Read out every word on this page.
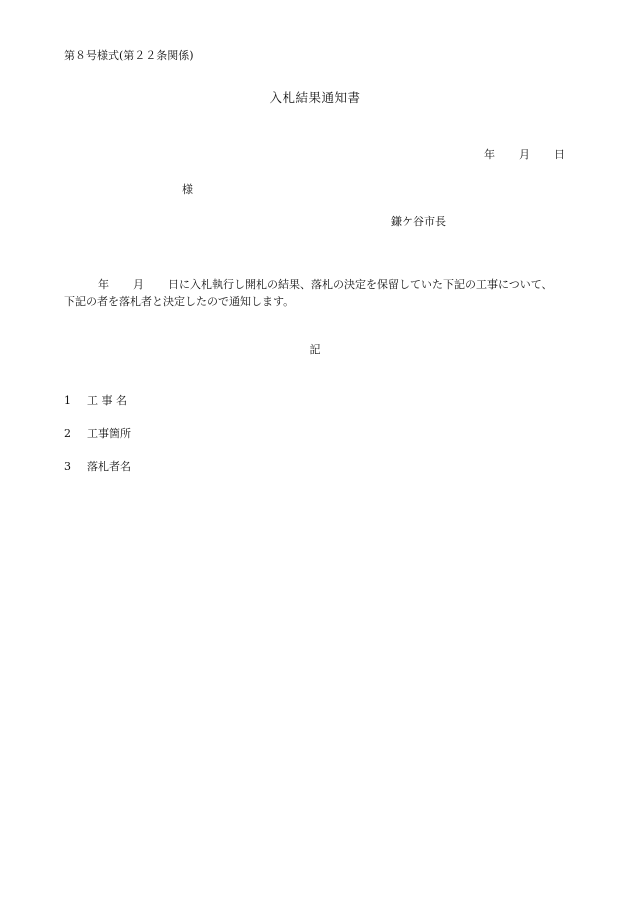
第８号様式(第２２条関係)
入札結果通知書
年 月 日
様
鎌ケ谷市長
年 月 日に入札執行し開札の結果、落札の決定を保留していた下記の工事について、
下記の者を落札者と決定したので通知します。
記
1 工 事 名
2 工事箇所
3 落札者名
